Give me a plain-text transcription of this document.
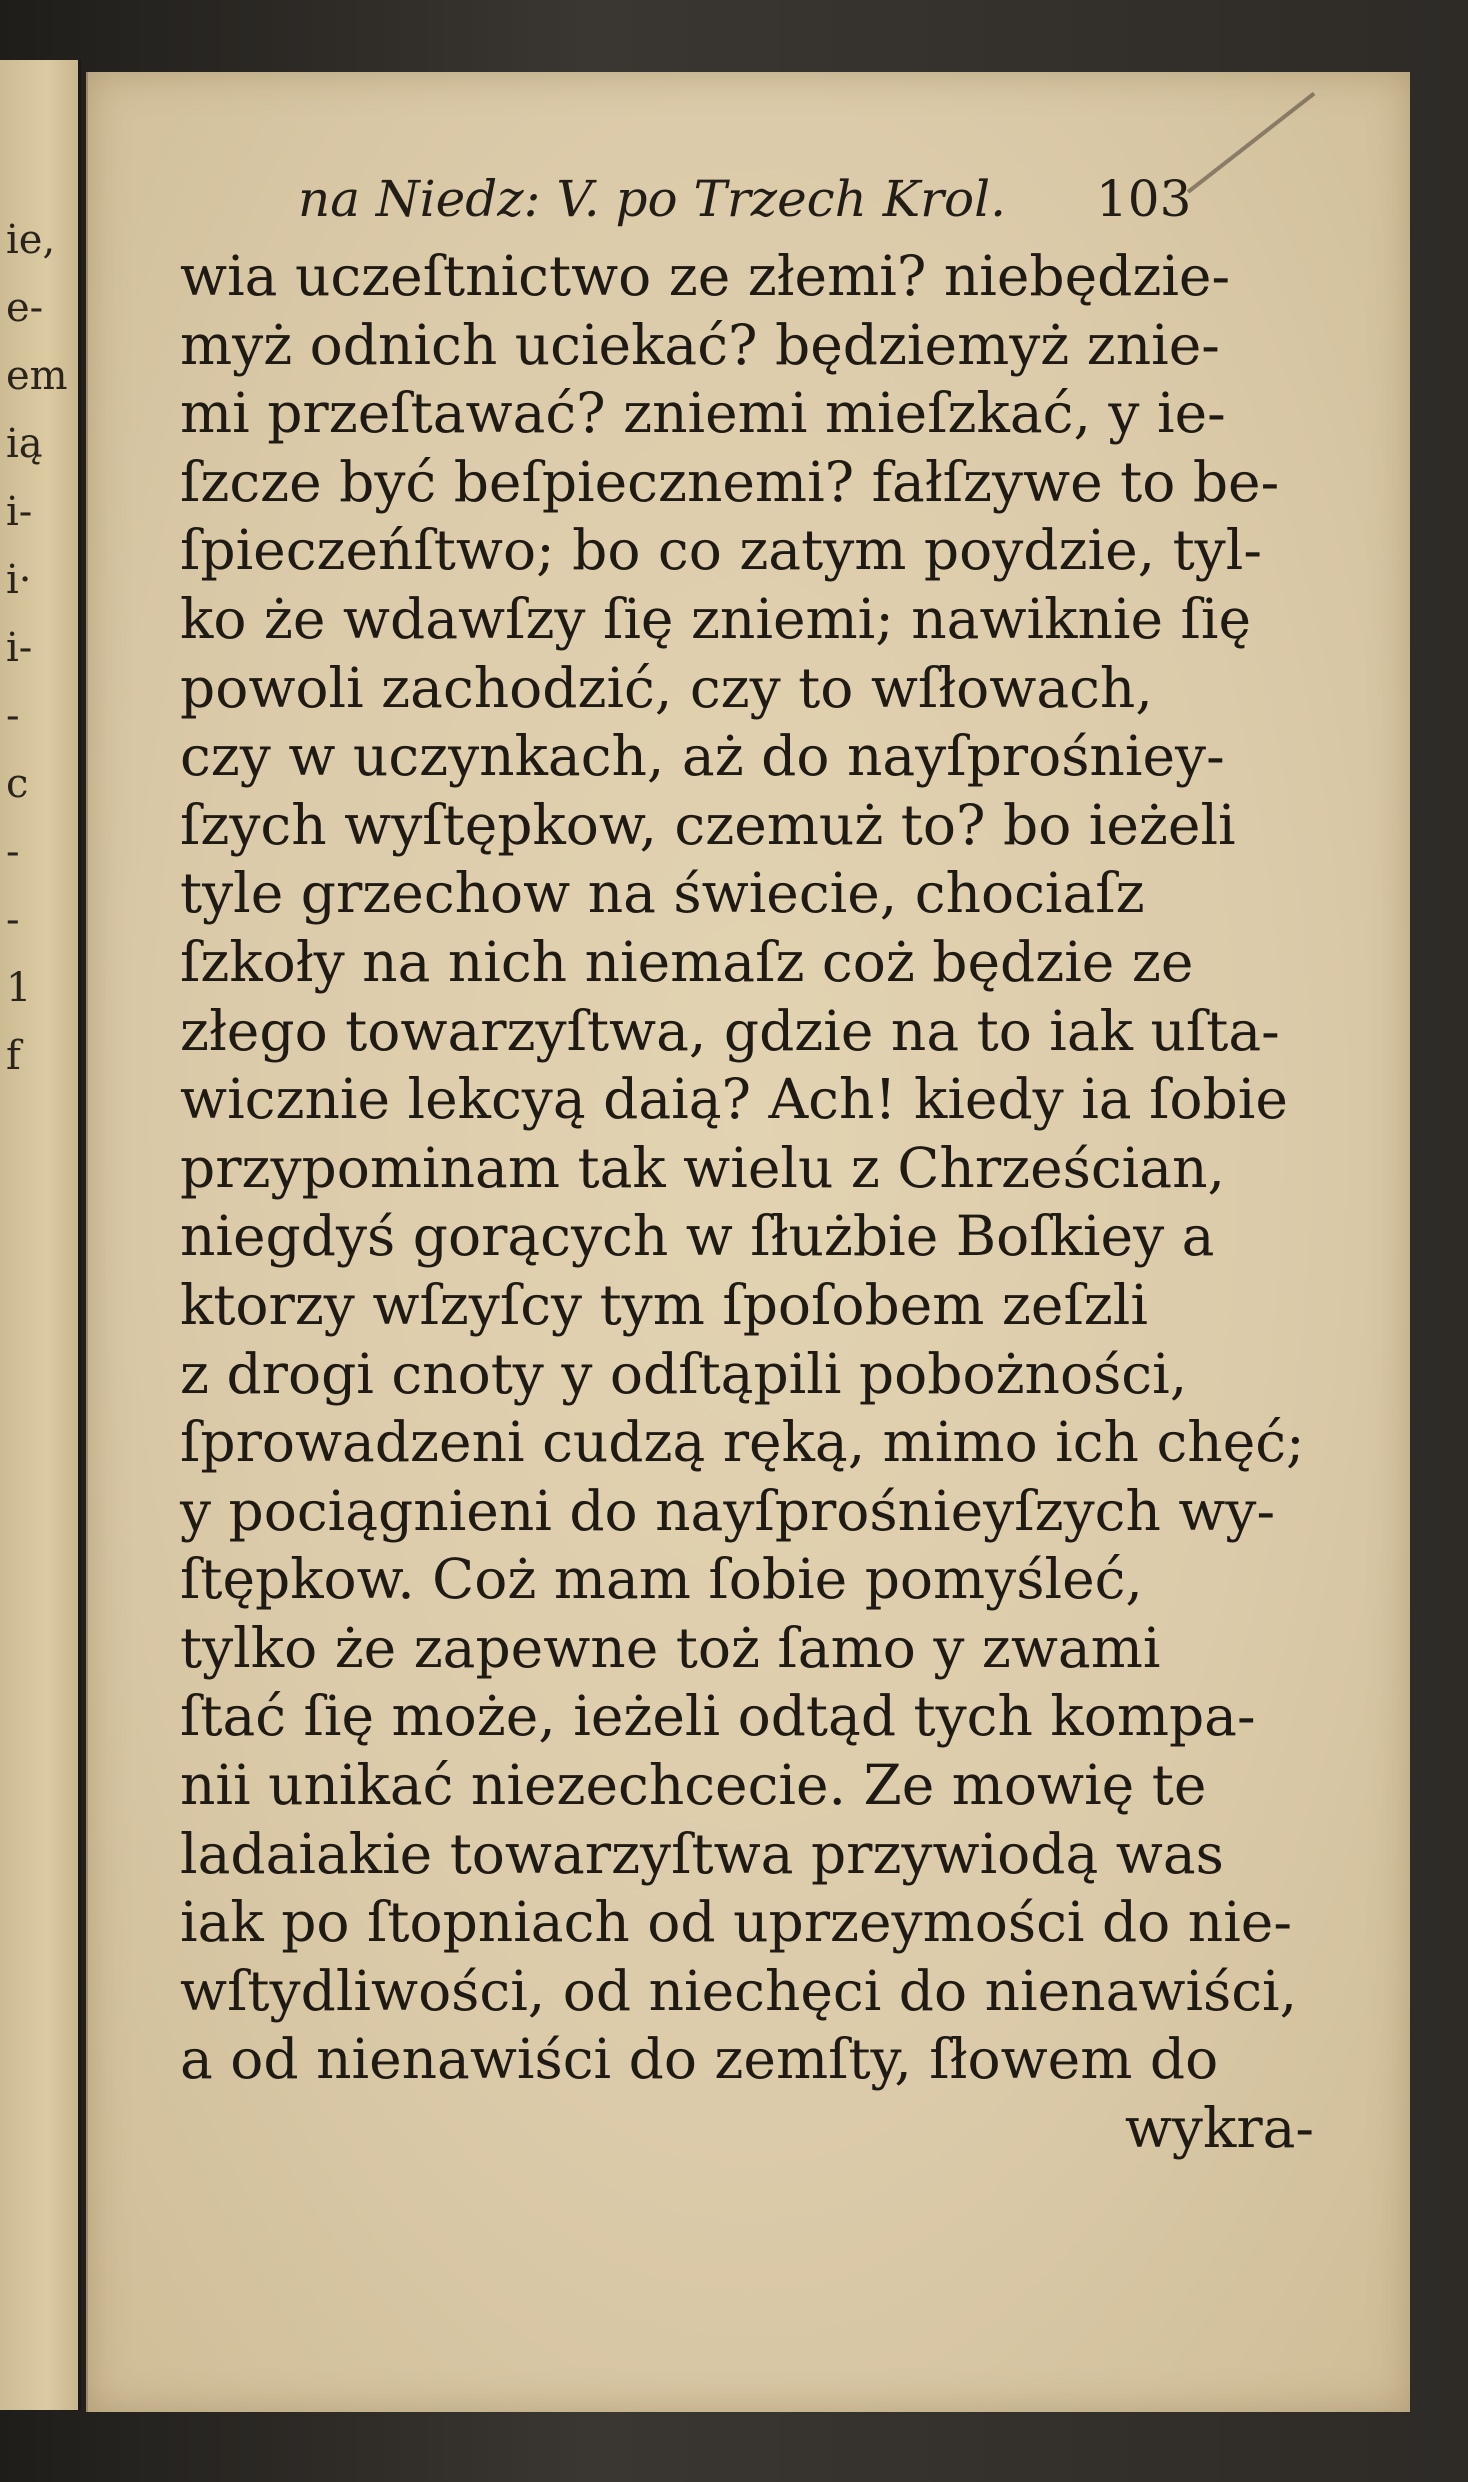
ie,
e-
em
ią
i-
i·
i-
-
c
-
-
1
f
na Niedz: V. po Trzech Krol. 103
wia uczeſtnictwo ze złemi? niebędzie-
myż odnich uciekać? będziemyż znie-
mi przeſtawać? zniemi mieſzkać, y ie-
ſzcze być beſpiecznemi? fałſzywe to be-
ſpieczeńſtwo; bo co zatym poydzie, tyl-
ko że wdawſzy ſię zniemi; nawiknie ſię
powoli zachodzić, czy to wſłowach,
czy w uczynkach, aż do nayſprośniey-
ſzych wyſtępkow, czemuż to? bo ieżeli
tyle grzechow na świecie, chociaſz
ſzkoły na nich niemaſz coż będzie ze
złego towarzyſtwa, gdzie na to iak uſta-
wicznie lekcyą daią? Ach! kiedy ia ſobie
przypominam tak wielu z Chrześcian,
niegdyś gorących w ſłużbie Boſkiey a
ktorzy wſzyſcy tym ſpoſobem zeſzli
z drogi cnoty y odſtąpili pobożności,
ſprowadzeni cudzą ręką, mimo ich chęć;
y pociągnieni do nayſprośnieyſzych wy-
ſtępkow. Coż mam ſobie pomyśleć,
tylko że zapewne toż ſamo y zwami
ſtać ſię może, ieżeli odtąd tych kompa-
nii unikać niezechcecie. Ze mowię te
ladaiakie towarzyſtwa przywiodą was
iak po ſtopniach od uprzeymości do nie-
wſtydliwości, od niechęci do nienawiści,
a od nienawiści do zemſty, ſłowem do
wykra-
